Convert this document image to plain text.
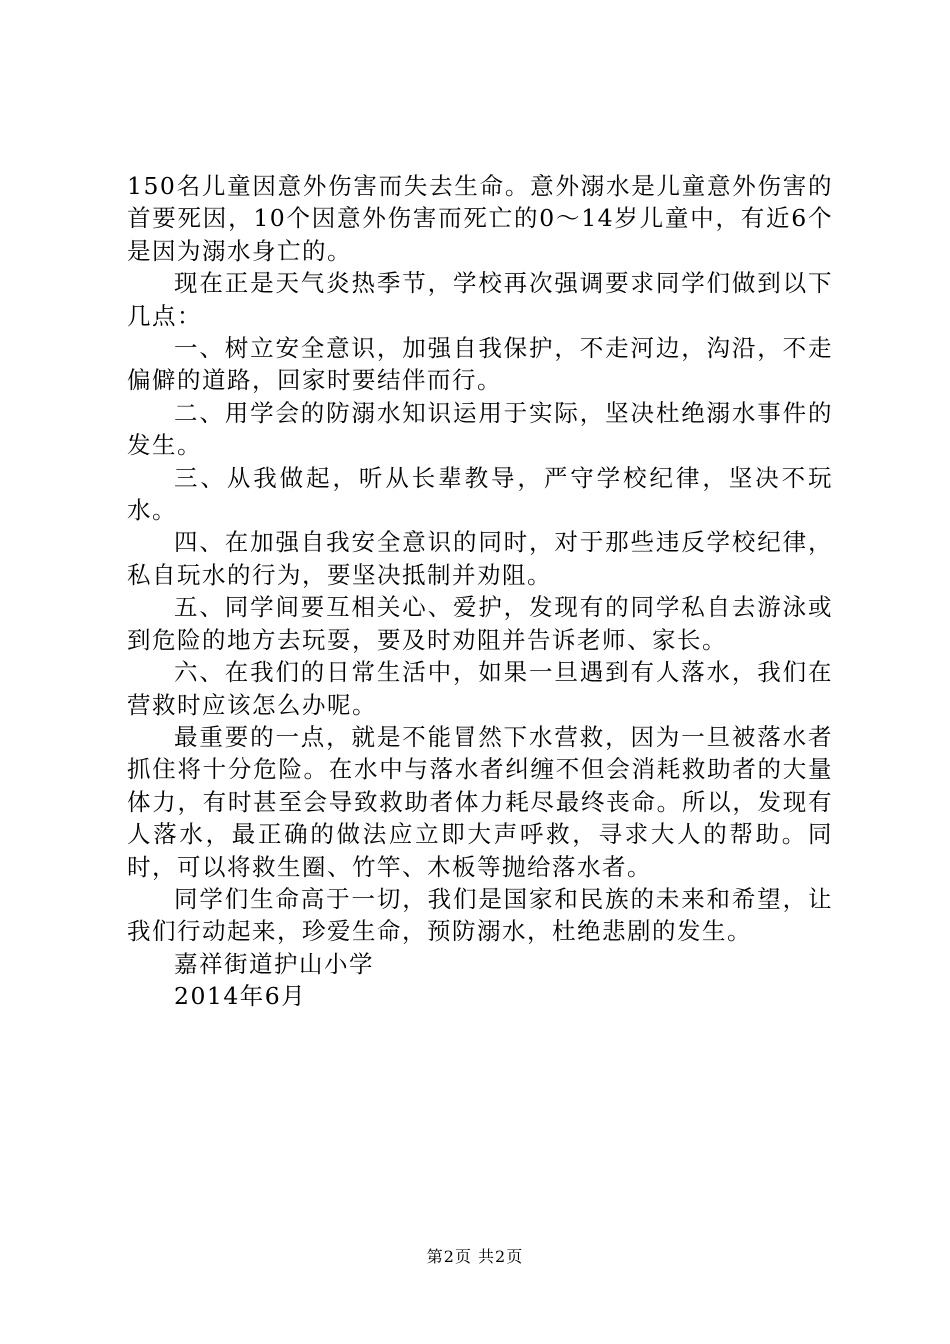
150名儿童因意外伤害而失去生命。意外溺水是儿童意外伤害的首要死因，10个因意外伤害而死亡的0～14岁儿童中，有近6个是因为溺水身亡的。

现在正是天气炎热季节，学校再次强调要求同学们做到以下几点：

一、树立安全意识，加强自我保护，不走河边，沟沿，不走偏僻的道路，回家时要结伴而行。

二、用学会的防溺水知识运用于实际，坚决杜绝溺水事件的发生。

三、从我做起，听从长辈教导，严守学校纪律，坚决不玩水。

四、在加强自我安全意识的同时，对于那些违反学校纪律，私自玩水的行为，要坚决抵制并劝阻。

五、同学间要互相关心、爱护，发现有的同学私自去游泳或到危险的地方去玩耍，要及时劝阻并告诉老师、家长。

六、在我们的日常生活中，如果一旦遇到有人落水，我们在营救时应该怎么办呢。

最重要的一点，就是不能冒然下水营救，因为一旦被落水者抓住将十分危险。在水中与落水者纠缠不但会消耗救助者的大量体力，有时甚至会导致救助者体力耗尽最终丧命。所以，发现有人落水，最正确的做法应立即大声呼救，寻求大人的帮助。同时，可以将救生圈、竹竿、木板等抛给落水者。

同学们生命高于一切，我们是国家和民族的未来和希望，让我们行动起来，珍爱生命，预防溺水，杜绝悲剧的发生。

嘉祥街道护山小学

2014年6月

第2页 共2页
